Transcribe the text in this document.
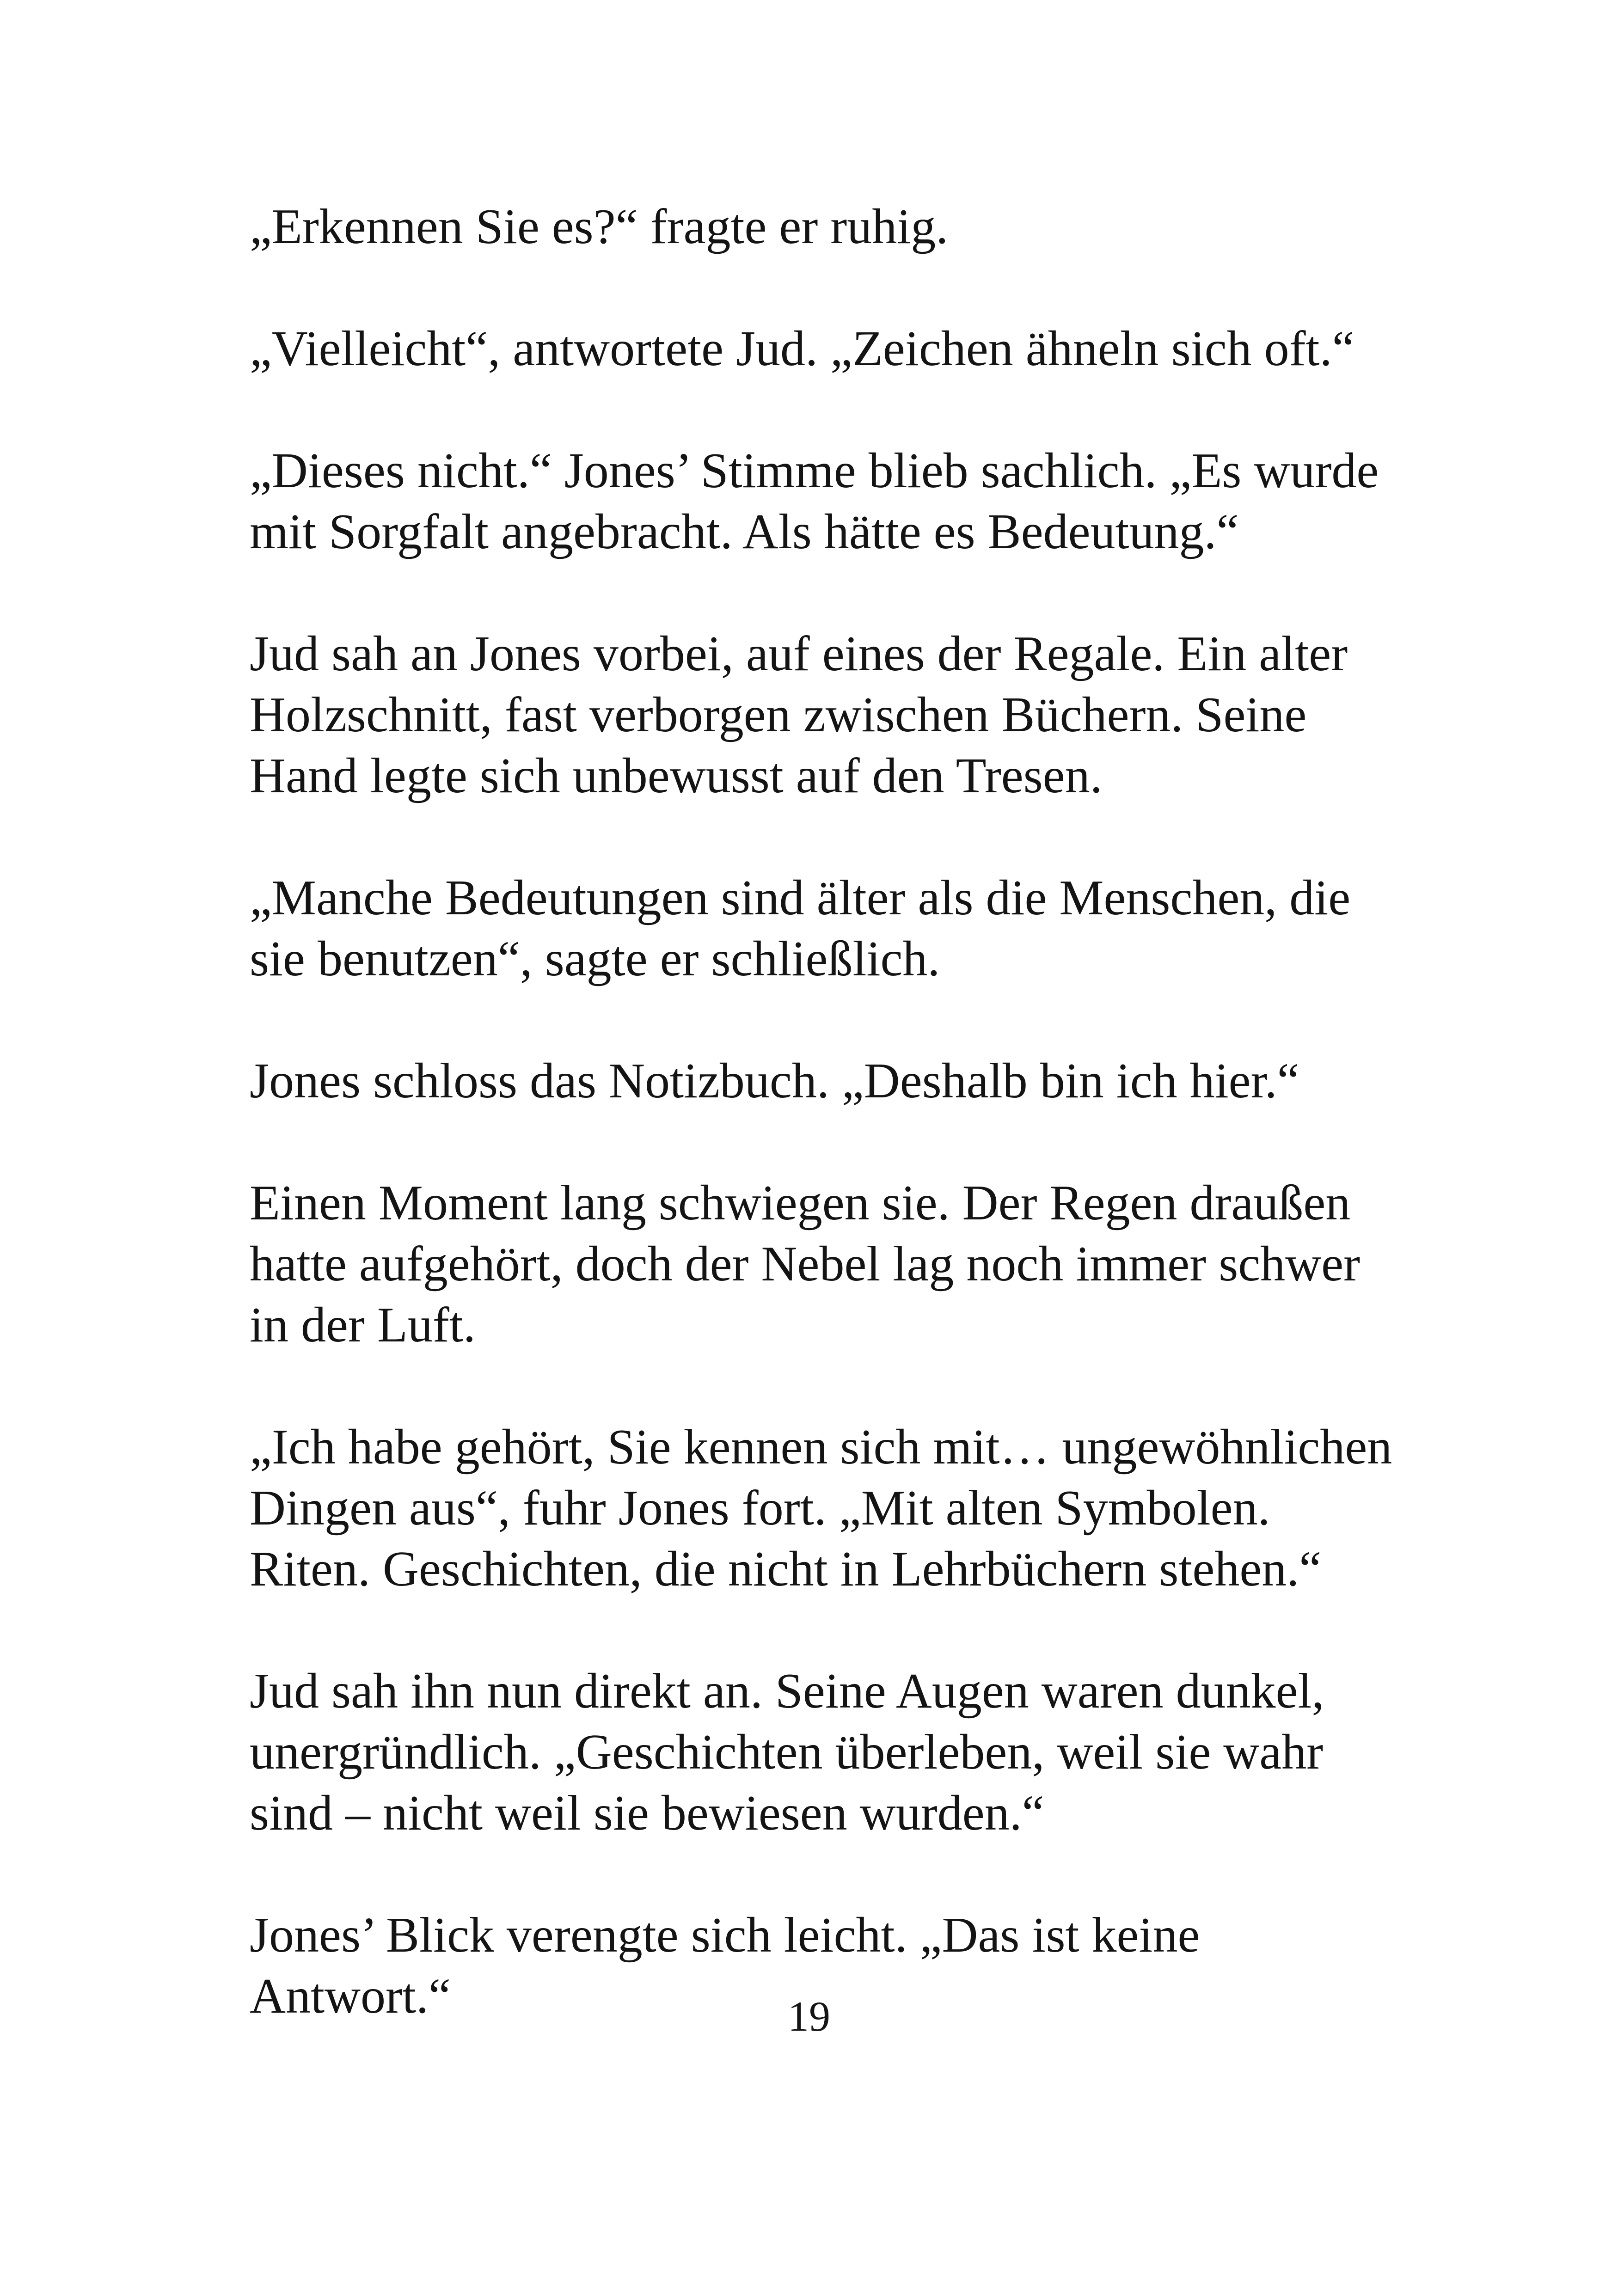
„Erkennen Sie es?“ fragte er ruhig.

„Vielleicht“, antwortete Jud. „Zeichen ähneln sich oft.“

„Dieses nicht.“ Jones’ Stimme blieb sachlich. „Es wurde
mit Sorgfalt angebracht. Als hätte es Bedeutung.“

Jud sah an Jones vorbei, auf eines der Regale. Ein alter
Holzschnitt, fast verborgen zwischen Büchern. Seine
Hand legte sich unbewusst auf den Tresen.

„Manche Bedeutungen sind älter als die Menschen, die
sie benutzen“, sagte er schließlich.

Jones schloss das Notizbuch. „Deshalb bin ich hier.“

Einen Moment lang schwiegen sie. Der Regen draußen
hatte aufgehört, doch der Nebel lag noch immer schwer
in der Luft.

„Ich habe gehört, Sie kennen sich mit… ungewöhnlichen
Dingen aus“, fuhr Jones fort. „Mit alten Symbolen.
Riten. Geschichten, die nicht in Lehrbüchern stehen.“

Jud sah ihn nun direkt an. Seine Augen waren dunkel,
unergründlich. „Geschichten überleben, weil sie wahr
sind – nicht weil sie bewiesen wurden.“

Jones’ Blick verengte sich leicht. „Das ist keine
Antwort.“	19
